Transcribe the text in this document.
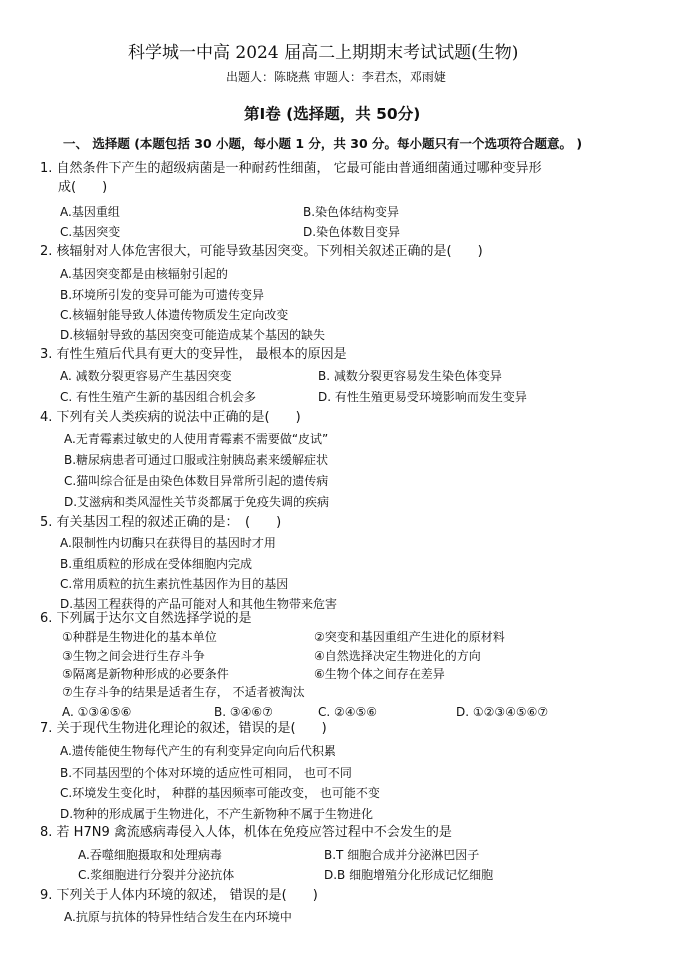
科学城一中高 2024 届高二上期期末考试试题(生物)
出题人：陈晓燕 审题人：李君杰，邓雨婕
第Ⅰ卷 (选择题，共 50分)
一、 选择题 (本题包括 30 小题，每小题 1 分，共 30 分。每小题只有一个选项符合题意。 )
1. 自然条件下产生的超级病菌是一种耐药性细菌， 它最可能由普通细菌通过哪种变异形
成(　　)
A.基因重组	B.染色体结构变异
C.基因突变	D.染色体数目变异
2. 核辐射对人体危害很大，可能导致基因突变。下列相关叙述正确的是(　　)
A.基因突变都是由核辐射引起的
B.环境所引发的变异可能为可遗传变异
C.核辐射能导致人体遗传物质发生定向改变
D.核辐射导致的基因突变可能造成某个基因的缺失
3. 有性生殖后代具有更大的变异性， 最根本的原因是
A. 减数分裂更容易产生基因突变	B. 减数分裂更容易发生染色体变异
C. 有性生殖产生新的基因组合机会多	D. 有性生殖更易受环境影响而发生变异
4. 下列有关人类疾病的说法中正确的是(　　)
A.无青霉素过敏史的人使用青霉素不需要做“皮试”
B.糖尿病患者可通过口服或注射胰岛素来缓解症状
C.猫叫综合征是由染色体数目异常所引起的遗传病
D.艾滋病和类风湿性关节炎都属于免疫失调的疾病
5. 有关基因工程的叙述正确的是：　(　　)
A.限制性内切酶只在获得目的基因时才用
B.重组质粒的形成在受体细胞内完成
C.常用质粒的抗生素抗性基因作为目的基因
D.基因工程获得的产品可能对人和其他生物带来危害
6. 下列属于达尔文自然选择学说的是
①种群是生物进化的基本单位	②突变和基因重组产生进化的原材料
③生物之间会进行生存斗争	④自然选择决定生物进化的方向
⑤隔离是新物种形成的必要条件	⑥生物个体之间存在差异
⑦生存斗争的结果是适者生存， 不适者被淘汰
A. ①③④⑤⑥	B. ③④⑥⑦	C. ②④⑤⑥	D. ①②③④⑤⑥⑦
7. 关于现代生物进化理论的叙述，错误的是(　　)
A.遗传能使生物每代产生的有利变异定向向后代积累
B.不同基因型的个体对环境的适应性可相同， 也可不同
C.环境发生变化时， 种群的基因频率可能改变， 也可能不变
D.物种的形成属于生物进化，不产生新物种不属于生物进化
8. 若 H7N9 禽流感病毒侵入人体，机体在免疫应答过程中不会发生的是
A.吞噬细胞摄取和处理病毒	B.T 细胞合成并分泌淋巴因子
C.浆细胞进行分裂并分泌抗体	D.B 细胞增殖分化形成记忆细胞
9. 下列关于人体内环境的叙述， 错误的是(　　)
A.抗原与抗体的特异性结合发生在内环境中
